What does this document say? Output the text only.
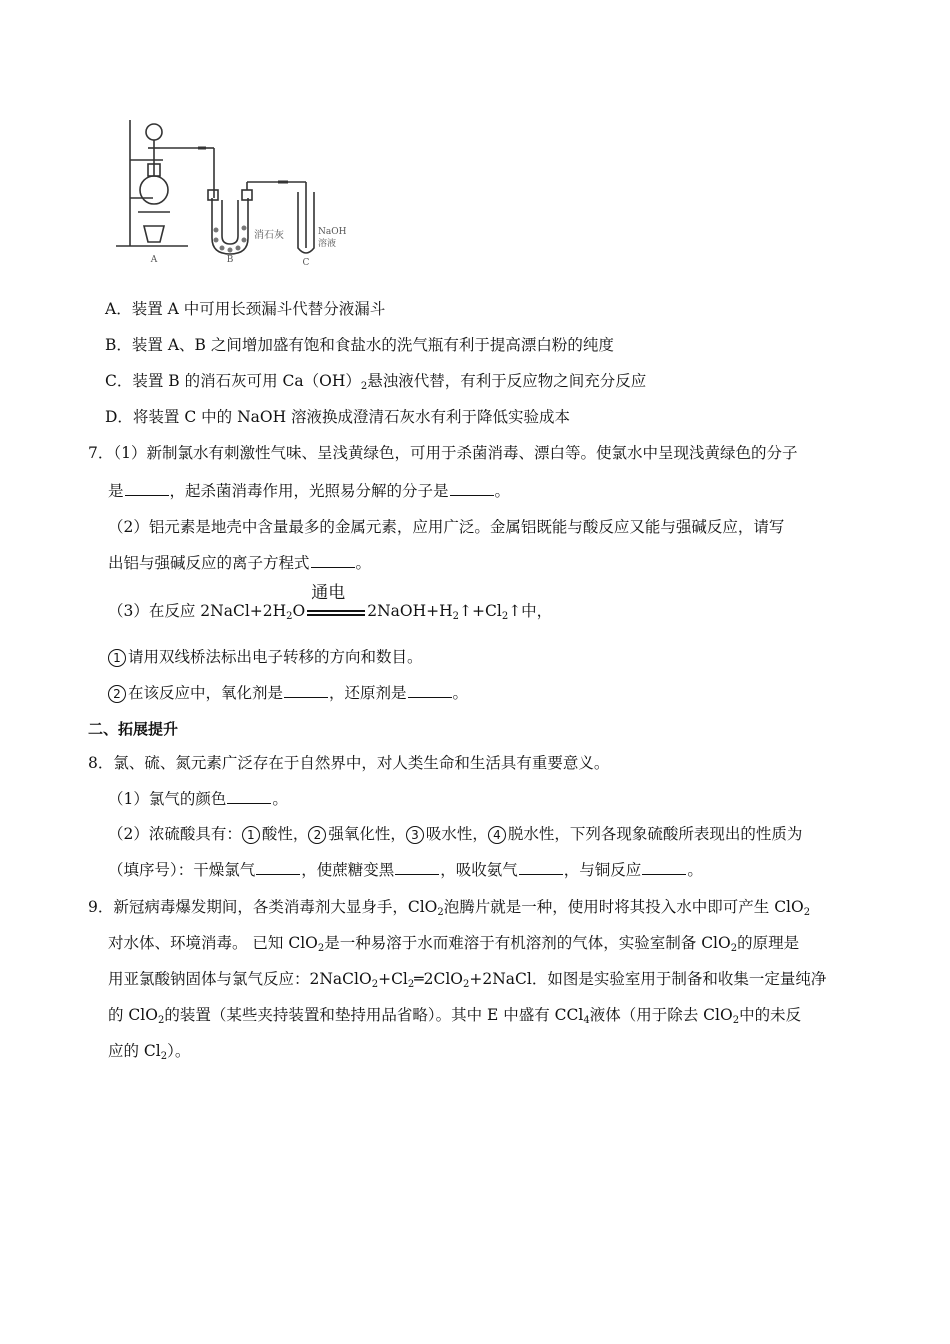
A	B	C
消石灰	NaOH
溶液
A．装置 A 中可用长颈漏斗代替分液漏斗
B．装置 A、B 之间增加盛有饱和食盐水的洗气瓶有利于提高漂白粉的纯度
C．装置 B 的消石灰可用 $Ca(OH)_2$悬浊液代替，有利于反应物之间充分反应
D．将装置 C 中的 NaOH 溶液换成澄清石灰水有利于降低实验成本
7．（1）新制氯水有刺激性气味、呈浅黄绿色，可用于杀菌消毒、漂白等。使氯水中呈现浅黄绿色的分子
是	，起杀菌消毒作用，光照易分解的分子是	。
（2）铝元素是地壳中含量最多的金属元素，应用广泛。金属铝既能与酸反应又能与强碱反应，请写
出铝与强碱反应的离子方程式	。
（3）在反应 $2NaCl+2H_2O$
通电
$2NaOH+H_2↑+Cl_2↑$中，
1 请用双线桥法标出电子转移的方向和数目。
2 在该反应中，氧化剂是	，还原剂是	。
二、拓展提升
8．氯、硫、氮元素广泛存在于自然界中，对人类生命和生活具有重要意义。
（1）氯气的颜色	。
（2）浓硫酸具有： 1 酸性， 2 强氧化性， 3 吸水性， 4 脱水性，下列各现象硫酸所表现出的性质为
（填序号）：干燥氯气	，使蔗糖变黑	，吸收氨气	，与铜反应	。
9．新冠病毒爆发期间，各类消毒剂大显身手，ClO$_2$泡腾片就是一种，使用时将其投入水中即可产生 ClO$_2$
对水体、环境消毒。 已知 ClO$_2$是一种易溶于水而难溶于有机溶剂的气体，实验室制备 ClO$_2$的原理是
用亚氯酸钠固体与氯气反应：$2NaClO_2+Cl_2═2ClO_2+2NaCl$．如图是实验室用于制备和收集一定量纯净
的 ClO$_2$的装置（某些夹持装置和垫持用品省略）。其中 E 中盛有 CCl$_4$液体（用于除去 ClO$_2$中的未反
应的 $Cl_2$）。
